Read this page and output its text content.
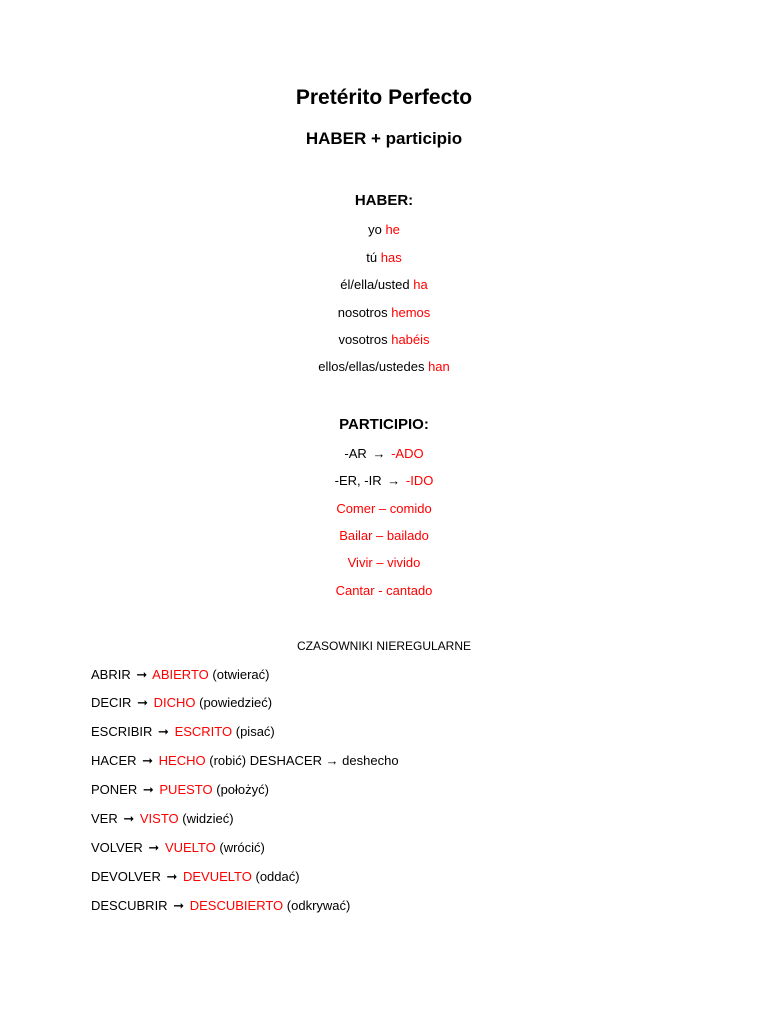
Pretérito Perfecto
HABER + participio
HABER:
yo he
tú has
él/ella/usted ha
nosotros hemos
vosotros habéis
ellos/ellas/ustedes han
PARTICIPIO:
-AR → -ADO
-ER, -IR → -IDO
Comer – comido
Bailar – bailado
Vivir – vivido
Cantar - cantado
CZASOWNIKI NIEREGULARNE
ABRIR ➞ ABIERTO (otwierać)
DECIR ➞ DICHO (powiedzieć)
ESCRIBIR ➞ ESCRITO (pisać)
HACER ➞ HECHO (robić) DESHACER → deshecho
PONER ➞ PUESTO (położyć)
VER ➞ VISTO (widzieć)
VOLVER ➞ VUELTO (wrócić)
DEVOLVER ➞ DEVUELTO (oddać)
DESCUBRIR ➞ DESCUBIERTO (odkrywać)
